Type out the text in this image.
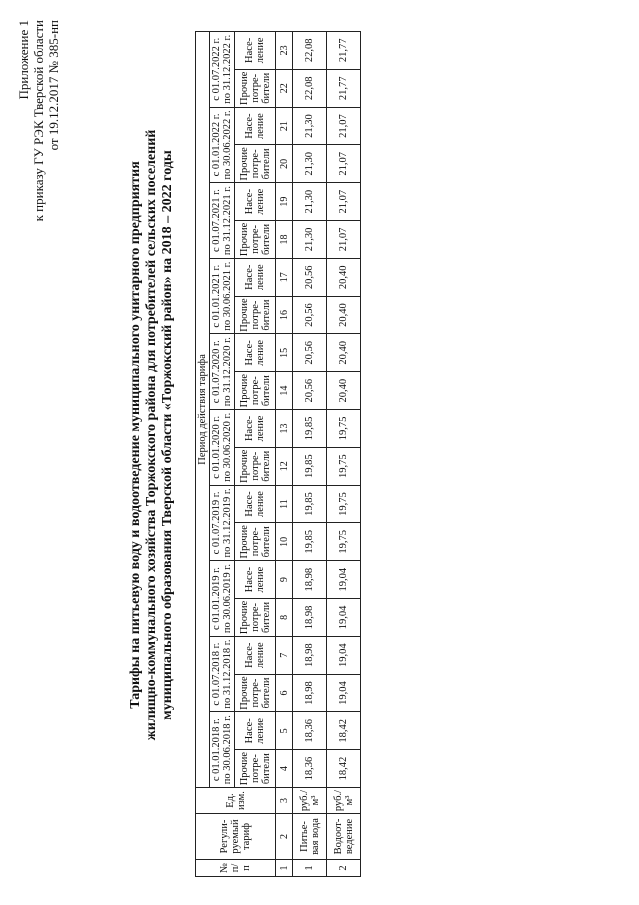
Приложение 1 к приказу ГУ РЭК Тверской области от 19.12.2017 № 385-нп
Тарифы на питьевую воду и водоотведение муниципального унитарного предприятия жилищно-коммунального хозяйства Торжокского района для потребителей сельских поселений муниципального образования Тверской области «Торжокский район» на 2018 – 2022 годы
№ п/п	Регули-руемый тариф	Ед. изм.	Период действия тарифа																			
			с 01.01.2018 г. по 30.06.2018 г.		с 01.07.2018 г. по 31.12.2018 г.		с 01.01.2019 г. по 30.06.2019 г.		с 01.07.2019 г. по 31.12.2019 г.		с 01.01.2020 г. по 30.06.2020 г.		с 01.07.2020 г. по 31.12.2020 г.		с 01.01.2021 г. по 30.06.2021 г.		с 01.07.2021 г. по 31.12.2021 г.		с 01.01.2022 г. по 30.06.2022 г.		с 01.07.2022 г. по 31.12.2022 г.	
			Прочие потре-бители	Насе-ление	Прочие потре-бители	Насе-ление	Прочие потре-бители	Насе-ление	Прочие потре-бители	Насе-ление	Прочие потре-бители	Насе-ление	Прочие потре-бители	Насе-ление	Прочие потре-бители	Насе-ление	Прочие потре-бители	Насе-ление	Прочие потре-бители	Насе-ление	Прочие потре-бители	Насе-ление
1	2	3	4	5	6	7	8	9	10	11	12	13	14	15	16	17	18	19	20	21	22	23
1	Питье-вая вода	руб./м³	18,36	18,36	18,98	18,98	18,98	18,98	19,85	19,85	19,85	19,85	20,56	20,56	20,56	20,56	21,30	21,30	21,30	21,30	22,08	22,08
2	Водоот-ведение	руб./м³	18,42	18,42	19,04	19,04	19,04	19,04	19,75	19,75	19,75	19,75	20,40	20,40	20,40	20,40	21,07	21,07	21,07	21,07	21,77	21,77
